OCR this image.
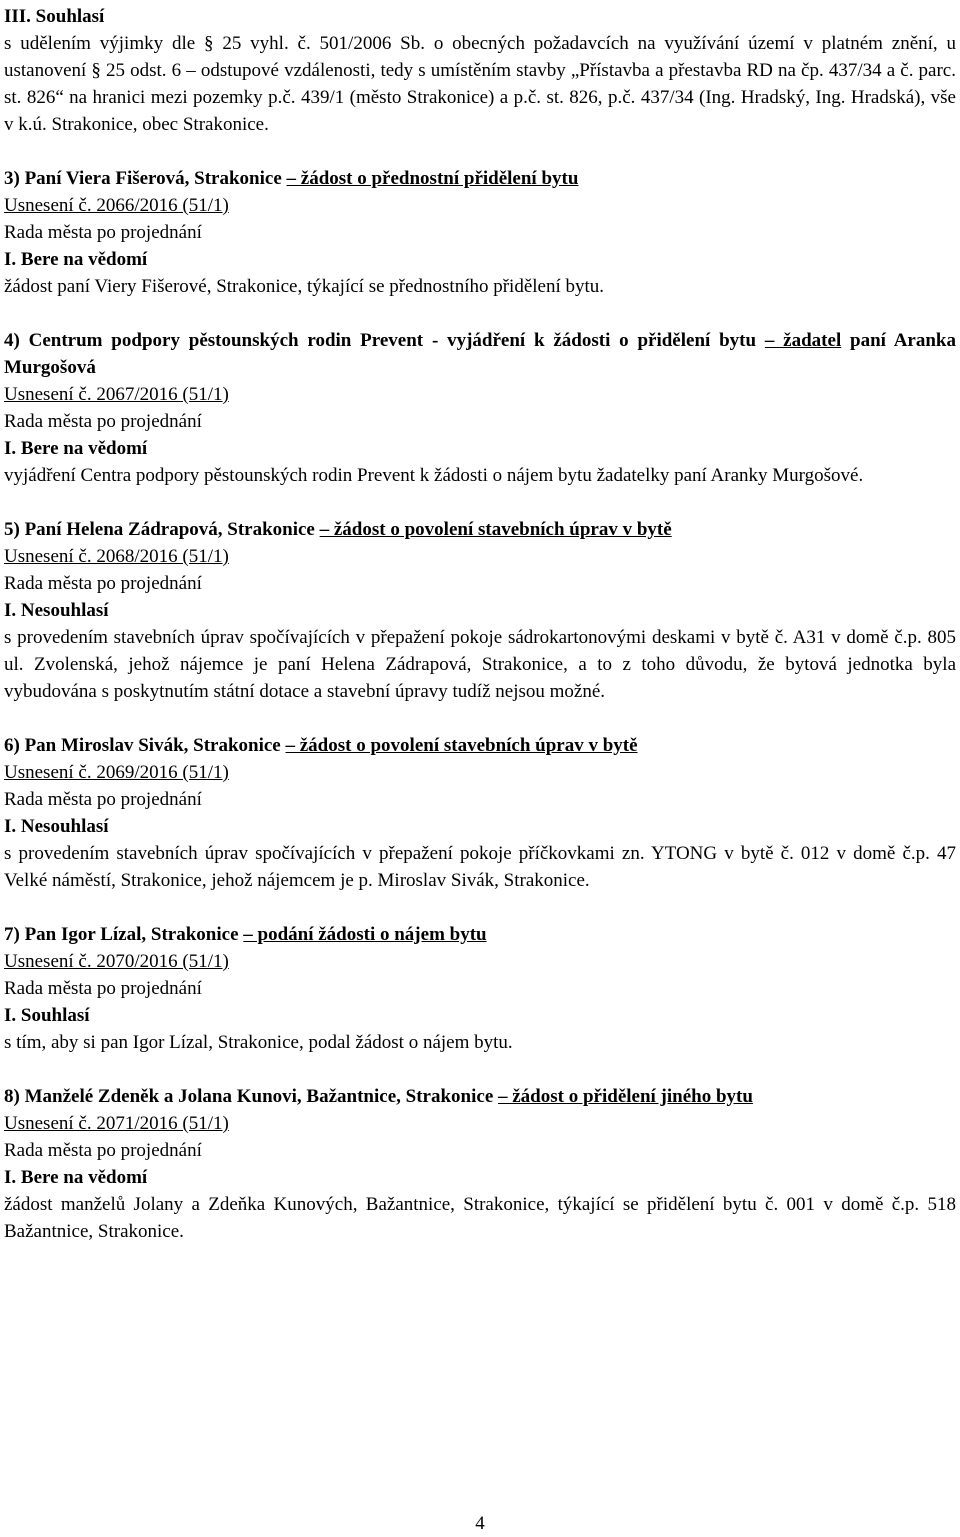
III. Souhlasí

s udělením výjimky dle § 25 vyhl. č. 501/2006 Sb. o obecných požadavcích na využívání území v platném znění, u ustanovení § 25 odst. 6 – odstupové vzdálenosti, tedy s umístěním stavby „Přístavba a přestavba RD na čp. 437/34 a č. parc. st. 826“ na hranici mezi pozemky p.č. 439/1 (město Strakonice) a p.č. st. 826, p.č. 437/34 (Ing. Hradský, Ing. Hradská), vše v k.ú. Strakonice, obec Strakonice.

3) Paní Viera Fišerová, Strakonice – žádost o přednostní přidělení bytu

Usnesení č. 2066/2016 (51/1)

Rada města po projednání

I. Bere na vědomí

žádost paní Viery Fišerové, Strakonice, týkající se přednostního přidělení bytu.

4) Centrum podpory pěstounských rodin Prevent - vyjádření k žádosti o přidělení bytu – žadatel paní Aranka Murgošová

Usnesení č. 2067/2016 (51/1)

Rada města po projednání

I. Bere na vědomí

vyjádření Centra podpory pěstounských rodin Prevent k žádosti o nájem bytu žadatelky paní Aranky Murgošové.

5) Paní Helena Zádrapová, Strakonice – žádost o povolení stavebních úprav v bytě

Usnesení č. 2068/2016 (51/1)

Rada města po projednání

I. Nesouhlasí

s provedením stavebních úprav spočívajících v přepažení pokoje sádrokartonovými deskami v bytě č. A31 v domě č.p. 805 ul. Zvolenská, jehož nájemce je paní Helena Zádrapová, Strakonice, a to z toho důvodu, že bytová jednotka byla vybudována s poskytnutím státní dotace a stavební úpravy tudíž nejsou možné.

6) Pan Miroslav Sivák, Strakonice – žádost o povolení stavebních úprav v bytě

Usnesení č. 2069/2016 (51/1)

Rada města po projednání

I. Nesouhlasí

s provedením stavebních úprav spočívajících v přepažení pokoje příčkovkami zn. YTONG v bytě č. 012 v domě č.p. 47 Velké náměstí, Strakonice, jehož nájemcem je p. Miroslav Sivák, Strakonice.

7) Pan Igor Lízal, Strakonice – podání žádosti o nájem bytu

Usnesení č. 2070/2016 (51/1)

Rada města po projednání

I. Souhlasí

s tím, aby si pan Igor Lízal, Strakonice, podal žádost o nájem bytu.

8) Manželé Zdeněk a Jolana Kunovi, Bažantnice, Strakonice – žádost o přidělení jiného bytu

Usnesení č. 2071/2016 (51/1)

Rada města po projednání

I. Bere na vědomí

žádost manželů Jolany a Zdeňka Kunových, Bažantnice, Strakonice, týkající se přidělení bytu č. 001 v domě č.p. 518 Bažantnice, Strakonice.

4
